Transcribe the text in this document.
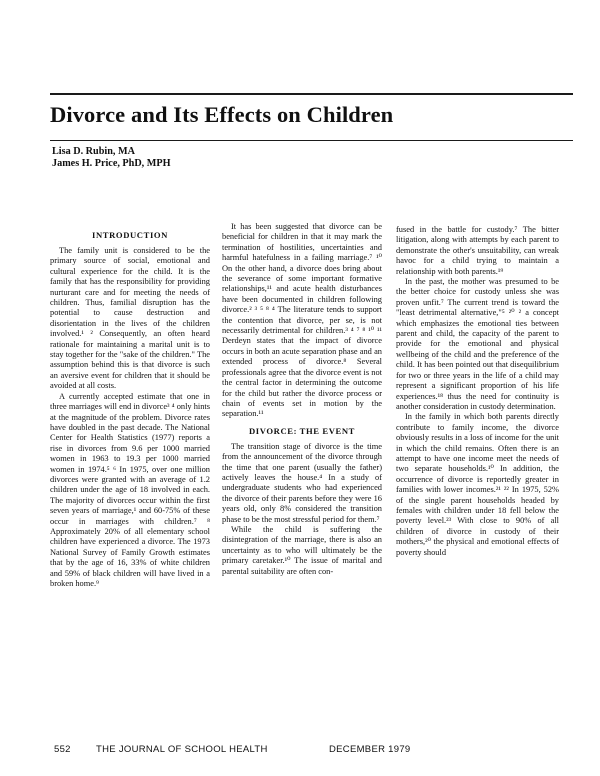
Divorce and Its Effects on Children
Lisa D. Rubin, MA
James H. Price, PhD, MPH
INTRODUCTION

The family unit is considered to be the primary source of social, emotional and cultural experience for the child. It is the family that has the responsibility for providing nurturant care and for meeting the needs of children. Thus, familial disruption has the potential to cause destruction and disorientation in the lives of the children involved.¹ ² Consequently, an often heard rationale for maintaining a marital unit is to stay together for the "sake of the children." The assumption behind this is that divorce is such an aversive event for children that it should be avoided at all costs.

A currently accepted estimate that one in three marriages will end in divorce³ ⁴ only hints at the magnitude of the problem. Divorce rates have doubled in the past decade. The National Center for Health Statistics (1977) reports a rise in divorces from 9.6 per 1000 married women in 1963 to 19.3 per 1000 married women in 1974.⁵ ⁶ In 1975, over one million divorces were granted with an average of 1.2 children under the age of 18 involved in each. The majority of divorces occur within the first seven years of marriage,¹ and 60-75% of these occur in marriages with children.⁷ ⁸ Approximately 20% of all elementary school children have experienced a divorce. The 1973 National Survey of Family Growth estimates that by the age of 16, 33% of white children and 59% of black children will have lived in a broken home.⁹

It has been suggested that divorce can be beneficial for children in that it may mark the termination of hostilities, uncertainties and harmful hatefulness in a failing marriage.⁷ ¹⁰ On the other hand, a divorce does bring about the severance of some important formative relationships,¹¹ and acute health disturbances have been documented in children following divorce.² ³ ⁵ ⁸ ⁴ The literature tends to support the contention that divorce, per se, is not necessarily detrimental for children.³ ⁴ ⁷ ⁸ ¹⁰ ¹¹ Derdeyn states that the impact of divorce occurs in both an acute separation phase and an extended process of divorce.⁸ Several professionals agree that the divorce event is not the central factor in determining the outcome for the child but rather the divorce process or chain of events set in motion by the separation.¹¹

DIVORCE: THE EVENT

The transition stage of divorce is the time from the announcement of the divorce through the time that one parent (usually the father) actively leaves the house.⁴ In a study of undergraduate students who had experienced the divorce of their parents before they were 16 years old, only 8% considered the transition phase to be the most stressful period for them.⁷

While the child is suffering the disintegration of the marriage, there is also an uncertainty as to who will ultimately be the primary caretaker.¹⁰ The issue of marital and parental suitability are often con-

fused in the battle for custody.⁷ The bitter litigation, along with attempts by each parent to demonstrate the other's unsuitability, can wreak havoc for a child trying to maintain a relationship with both parents.¹⁹

In the past, the mother was presumed to be the better choice for custody unless she was proven unfit.⁷ The current trend is toward the "least detrimental alternative,"⁵ ²⁰ ² a concept which emphasizes the emotional ties between parent and child, the capacity of the parent to provide for the emotional and physical wellbeing of the child and the preference of the child. It has been pointed out that disequilibrium for two or three years in the life of a child may represent a significant proportion of his life experiences.¹⁸ thus the need for continuity is another consideration in custody determination.

In the family in which both parents directly contribute to family income, the divorce obviously results in a loss of income for the unit in which the child remains. Often there is an attempt to have one income meet the needs of two separate households.¹⁰ In addition, the occurrence of divorce is reportedly greater in families with lower incomes.²¹ ²² In 1975, 52% of the single parent households headed by females with children under 18 fell below the poverty level.²³ With close to 90% of all children of divorce in custody of their mothers,²⁰ the physical and emotional effects of poverty should

552	THE JOURNAL OF SCHOOL HEALTH	DECEMBER 1979
